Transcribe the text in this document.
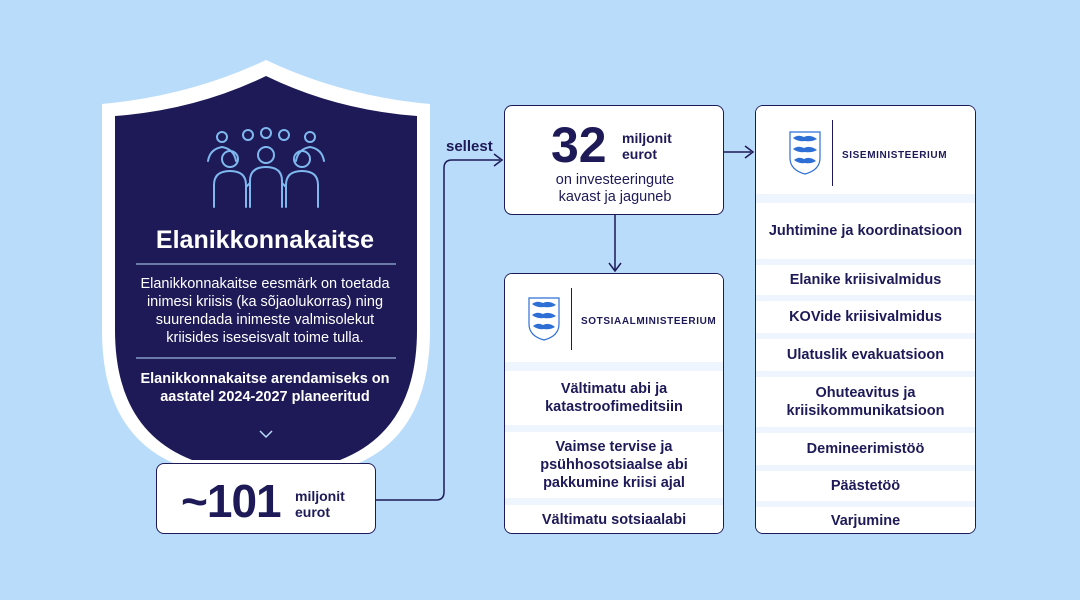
Elanikkonnakaitse
Elanikkonnakaitse eesmärk on toetada inimesi kriisis (ka sõjaolukorras) ning suurendada inimeste valmisolekut kriisides iseseisvalt toime tulla.
Elanikkonnakaitse arendamiseks on aastatel 2024-2027 planeeritud
sellest
~101 miljonit
eurot
32 miljonit
eurot
on investeeringute
kavast ja jaguneb
SOTSIAALMINISTEERIUM
Vältimatu abi ja katastroofimeditsiin
Vaimse tervise ja psühhosotsiaalse abi pakkumine kriisi ajal
Vältimatu sotsiaalabi
SISEMINISTEERIUM
Juhtimine ja koordinatsioon
Elanike kriisivalmidus
KOVide kriisivalmidus
Ulatuslik evakuatsioon
Ohuteavitus ja kriisikommunikatsioon
Demineerimistöö
Päästetöö
Varjumine
